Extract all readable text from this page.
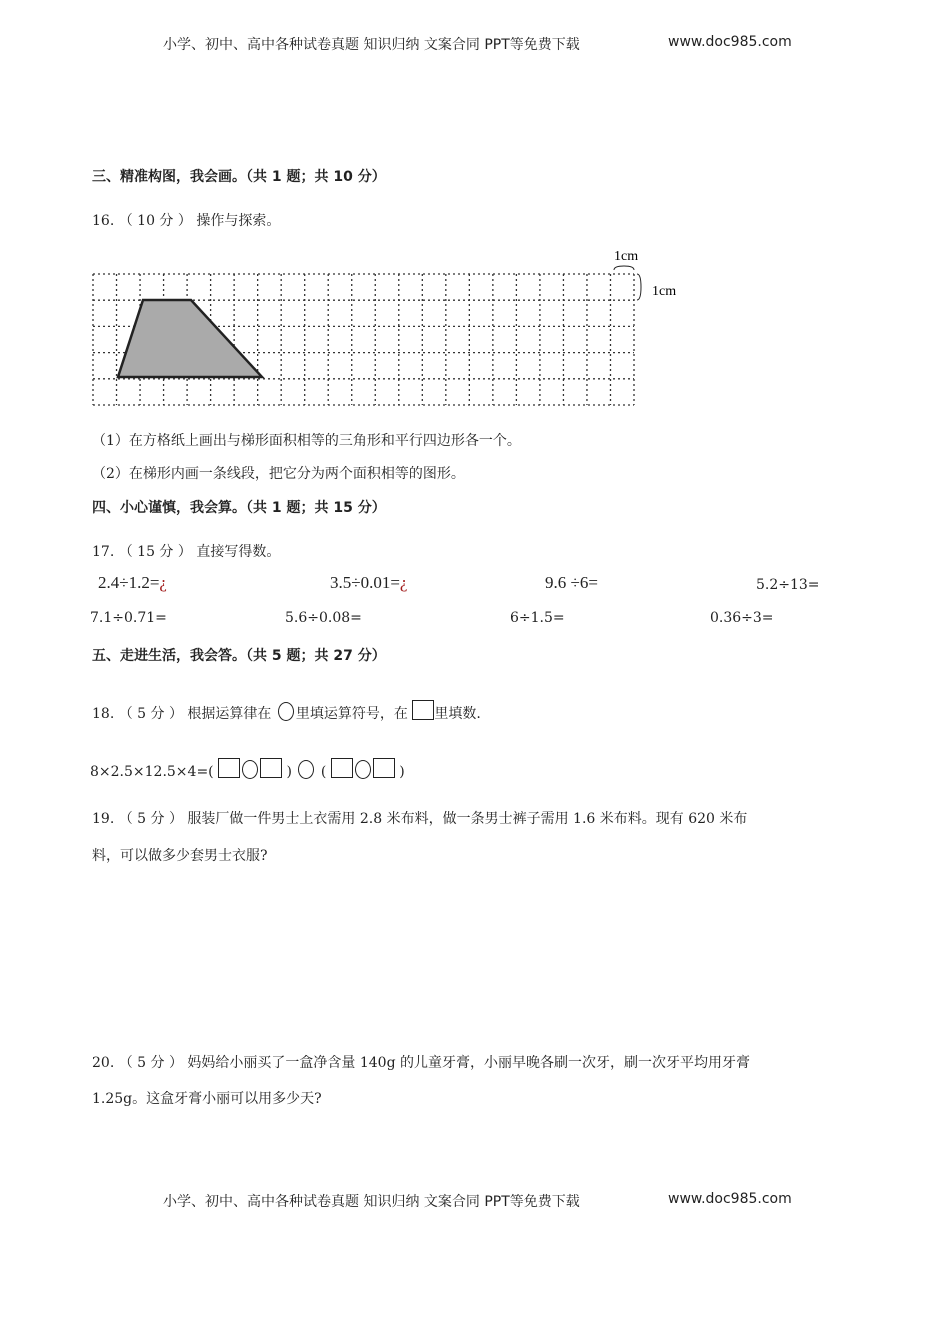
小学、初中、高中各种试卷真题 知识归纳 文案合同 PPT等免费下载	www.doc985.com
三、精准构图，我会画。（共 1 题；共 10 分）
16. （ 10 分 ） 操作与探索。
1cm
1cm
（1）在方格纸上画出与梯形面积相等的三角形和平行四边形各一个。
（2）在梯形内画一条线段，把它分为两个面积相等的图形。
四、小心谨慎，我会算。（共 1 题；共 15 分）
17. （ 15 分 ） 直接写得数。
2.4÷1.2=¿	3.5÷0.01=¿	9.6 ÷6=	5.2÷13=
7.1÷0.71=	5.6÷0.08=	6÷1.5=	0.36÷3=
五、走进生活，我会答。（共 5 题；共 27 分）
18. （ 5 分 ） 根据运算律在 里填运算符号，在 里填数.
8×2.5×12.5×4=(	)  (	)
19. （ 5 分 ） 服装厂做一件男士上衣需用 2.8 米布料，做一条男士裤子需用 1.6 米布料。现有 620 米布
料，可以做多少套男士衣服?
20. （ 5 分 ） 妈妈给小丽买了一盒净含量 140g 的儿童牙膏，小丽早晚各刷一次牙，刷一次牙平均用牙膏
1.25g。这盒牙膏小丽可以用多少天?
小学、初中、高中各种试卷真题 知识归纳 文案合同 PPT等免费下载	www.doc985.com
